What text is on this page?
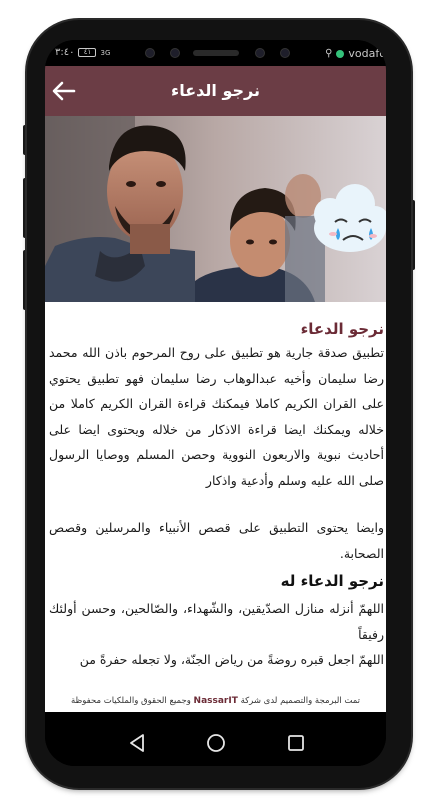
٣:٤٠	٤١	3G	⚲ vodafo
نرجو الدعاء
نرجو الدعاء
تطبيق صدقة جارية هو تطبيق على روح المرحوم باذن الله محمد رضا سليمان وأخيه عبدالوهاب رضا سليمان فهو تطبيق يحتوي على القران الكريم كاملا فيمكنك قراءة القران الكريم كاملا من خلاله ويمكنك ايضا قراءة الاذكار من خلاله ويحتوى ايضا على أحاديث نبوية والاربعون النووية وحصن المسلم ووصايا الرسول صلى الله عليه وسلم وأدعية واذكار
وايضا يحتوى التطبيق على قصص الأنبياء والمرسلين وقصص الصحابة.
نرجو الدعاء له
اللهمّ أنزله منازل الصدّيقين، والشّهداء، والصّالحين، وحسن أولئك رفيقاً
اللهمّ اجعل قبره روضةً من رياض الجنّة، ولا تجعله حفرةً من
تمت البرمجة والتصميم لدى شركة NassarIT وجميع الحقوق والملكيات محفوظة
